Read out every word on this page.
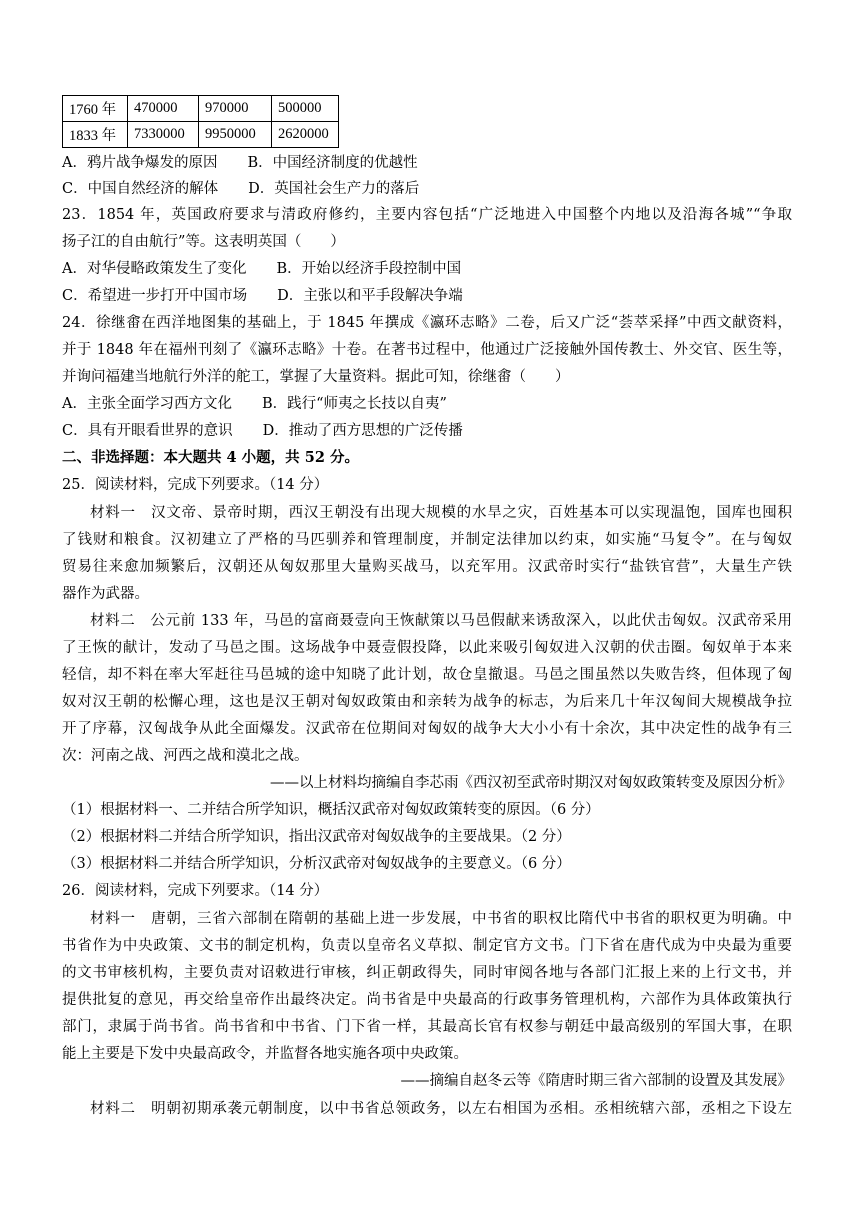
1760 年	470000	970000	500000
1833 年	7330000	9950000	2620000
A．鸦片战争爆发的原因 B．中国经济制度的优越性
C．中国自然经济的解体 D．英国社会生产力的落后
23．1854 年，英国政府要求与清政府修约，主要内容包括“广泛地进入中国整个内地以及沿海各城”“争取
扬子江的自由航行”等。这表明英国（　　）
A．对华侵略政策发生了变化 B．开始以经济手段控制中国
C．希望进一步打开中国市场 D．主张以和平手段解决争端
24．徐继畬在西洋地图集的基础上，于 1845 年撰成《瀛环志略》二卷，后又广泛“荟萃采择”中西文献资料，
并于 1848 年在福州刊刻了《瀛环志略》十卷。在著书过程中，他通过广泛接触外国传教士、外交官、医生等，
并询问福建当地航行外洋的舵工，掌握了大量资料。据此可知，徐继畬（　　）
A．主张全面学习西方文化 B．践行“师夷之长技以自夷”
C．具有开眼看世界的意识 D．推动了西方思想的广泛传播
二、非选择题：本大题共 4 小题，共 52 分。
25．阅读材料，完成下列要求。（14 分）
材料一　汉文帝、景帝时期，西汉王朝没有出现大规模的水旱之灾，百姓基本可以实现温饱，国库也囤积
了钱财和粮食。汉初建立了严格的马匹驯养和管理制度，并制定法律加以约束，如实施“马复令”。在与匈奴
贸易往来愈加频繁后，汉朝还从匈奴那里大量购买战马，以充军用。汉武帝时实行“盐铁官营”，大量生产铁
器作为武器。
材料二　公元前 133 年，马邑的富商聂壹向王恢献策以马邑假献来诱敌深入，以此伏击匈奴。汉武帝采用
了王恢的献计，发动了马邑之围。这场战争中聂壹假投降，以此来吸引匈奴进入汉朝的伏击圈。匈奴单于本来
轻信，却不料在率大军赶往马邑城的途中知晓了此计划，故仓皇撤退。马邑之围虽然以失败告终，但体现了匈
奴对汉王朝的松懈心理，这也是汉王朝对匈奴政策由和亲转为战争的标志，为后来几十年汉匈间大规模战争拉
开了序幕，汉匈战争从此全面爆发。汉武帝在位期间对匈奴的战争大大小小有十余次，其中决定性的战争有三
次：河南之战、河西之战和漠北之战。
——以上材料均摘编自李芯雨《西汉初至武帝时期汉对匈奴政策转变及原因分析》
（1）根据材料一、二并结合所学知识，概括汉武帝对匈奴政策转变的原因。（6 分）
（2）根据材料二并结合所学知识，指出汉武帝对匈奴战争的主要战果。（2 分）
（3）根据材料二并结合所学知识，分析汉武帝对匈奴战争的主要意义。（6 分）
26．阅读材料，完成下列要求。（14 分）
材料一　唐朝，三省六部制在隋朝的基础上进一步发展，中书省的职权比隋代中书省的职权更为明确。中
书省作为中央政策、文书的制定机构，负责以皇帝名义草拟、制定官方文书。门下省在唐代成为中央最为重要
的文书审核机构，主要负责对诏敕进行审核，纠正朝政得失，同时审阅各地与各部门汇报上来的上行文书，并
提供批复的意见，再交给皇帝作出最终决定。尚书省是中央最高的行政事务管理机构，六部作为具体政策执行
部门，隶属于尚书省。尚书省和中书省、门下省一样，其最高长官有权参与朝廷中最高级别的军国大事，在职
能上主要是下发中央最高政令，并监督各地实施各项中央政策。
——摘编自赵冬云等《隋唐时期三省六部制的设置及其发展》
材料二　明朝初期承袭元朝制度，以中书省总领政务，以左右相国为丞相。丞相统辖六部，丞相之下设左
